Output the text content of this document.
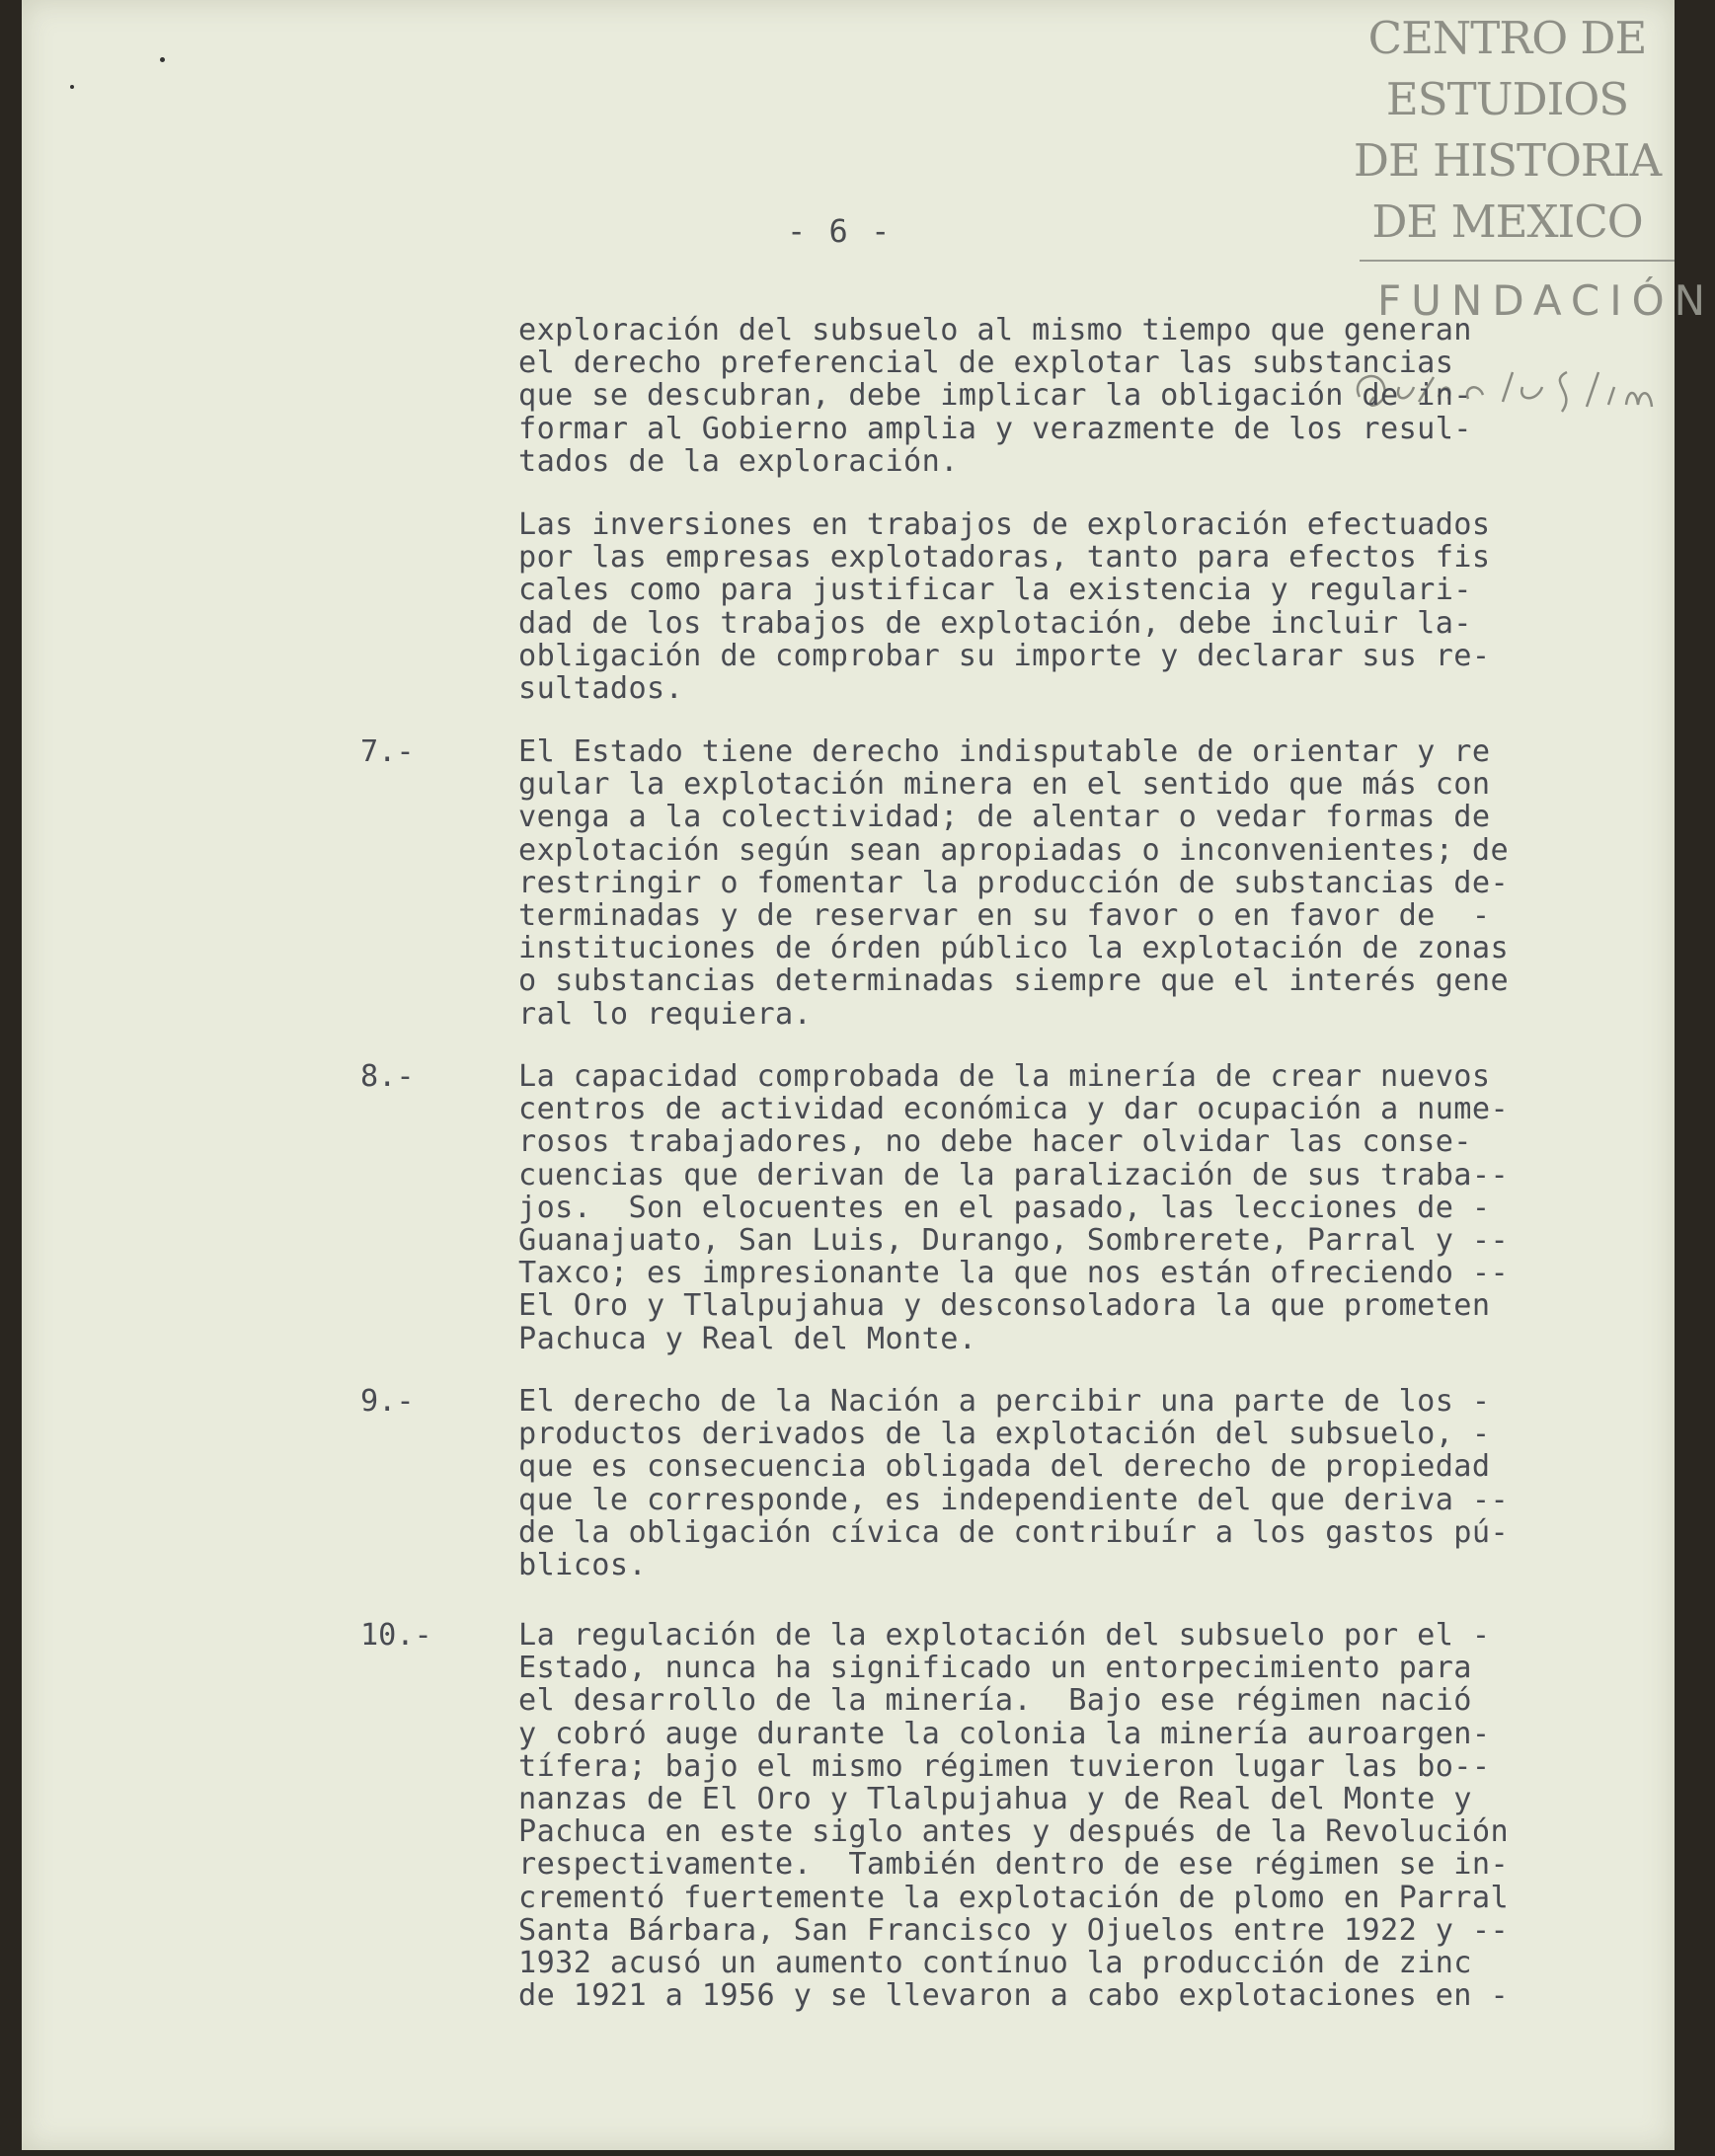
CENTRO DE
ESTUDIOS
DE HISTORIA
DE MEXICO
FUNDACIÓN
- 6 -
exploración del subsuelo al mismo tiempo que generan
el derecho preferencial de explotar las substancias
que se descubran, debe implicar la obligación de in-
formar al Gobierno amplia y verazmente de los resul-
tados de la exploración.
Las inversiones en trabajos de exploración efectuados
por las empresas explotadoras, tanto para efectos fis
cales como para justificar la existencia y regulari-
dad de los trabajos de explotación, debe incluir la-
obligación de comprobar su importe y declarar sus re-
sultados.
7.-	El Estado tiene derecho indisputable de orientar y re
gular la explotación minera en el sentido que más con
venga a la colectividad; de alentar o vedar formas de
explotación según sean apropiadas o inconvenientes; de
restringir o fomentar la producción de substancias de-
terminadas y de reservar en su favor o en favor de  -
instituciones de órden público la explotación de zonas
o substancias determinadas siempre que el interés gene
ral lo requiera.
8.-	La capacidad comprobada de la minería de crear nuevos
centros de actividad económica y dar ocupación a nume-
rosos trabajadores, no debe hacer olvidar las conse-
cuencias que derivan de la paralización de sus traba--
jos.  Son elocuentes en el pasado, las lecciones de -
Guanajuato, San Luis, Durango, Sombrerete, Parral y --
Taxco; es impresionante la que nos están ofreciendo --
El Oro y Tlalpujahua y desconsoladora la que prometen
Pachuca y Real del Monte.
9.-	El derecho de la Nación a percibir una parte de los -
productos derivados de la explotación del subsuelo, -
que es consecuencia obligada del derecho de propiedad
que le corresponde, es independiente del que deriva --
de la obligación cívica de contribuír a los gastos pú-
blicos.
10.-	La regulación de la explotación del subsuelo por el -
Estado, nunca ha significado un entorpecimiento para
el desarrollo de la minería.  Bajo ese régimen nació
y cobró auge durante la colonia la minería auroargen-
tífera; bajo el mismo régimen tuvieron lugar las bo--
nanzas de El Oro y Tlalpujahua y de Real del Monte y
Pachuca en este siglo antes y después de la Revolución
respectivamente.  También dentro de ese régimen se in-
crementó fuertemente la explotación de plomo en Parral
Santa Bárbara, San Francisco y Ojuelos entre 1922 y --
1932 acusó un aumento contínuo la producción de zinc
de 1921 a 1956 y se llevaron a cabo explotaciones en -
